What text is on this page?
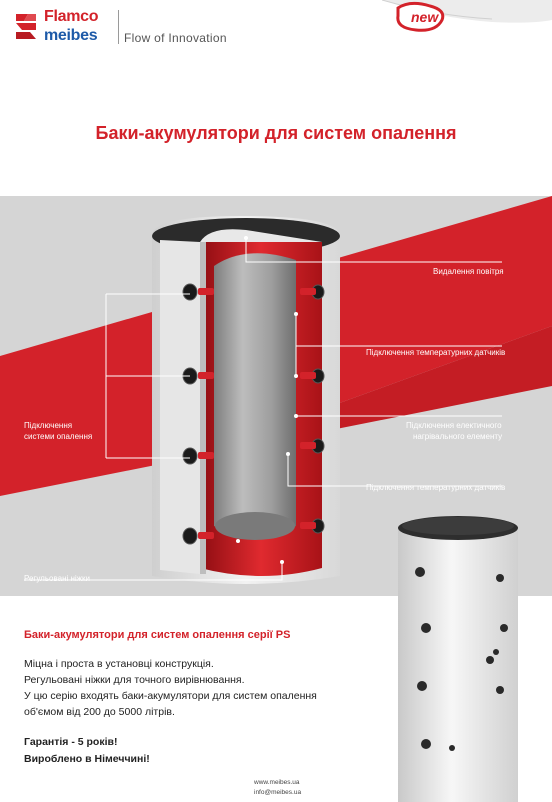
Flamco
meibes Flow of Innovation
new
Баки-акумулятори для систем опалення
Видалення повітря
Підключення температурних датчиків
Підключення
системи опалення
Підключення електичного
нагрівального елементу
Підключення температурних датчиків
Регульовані ніжки
Баки-акумулятори для систем опалення серії PS
Міцна і проста в установці конструкція.
Регульовані ніжки для точного вирівнювання.
У цю серію входять баки-акумулятори для систем опалення
об'ємом від 200 до 5000 літрів.
Гарантія - 5 років!
Вироблено в Німеччині!
www.meibes.ua
info@meibes.ua
